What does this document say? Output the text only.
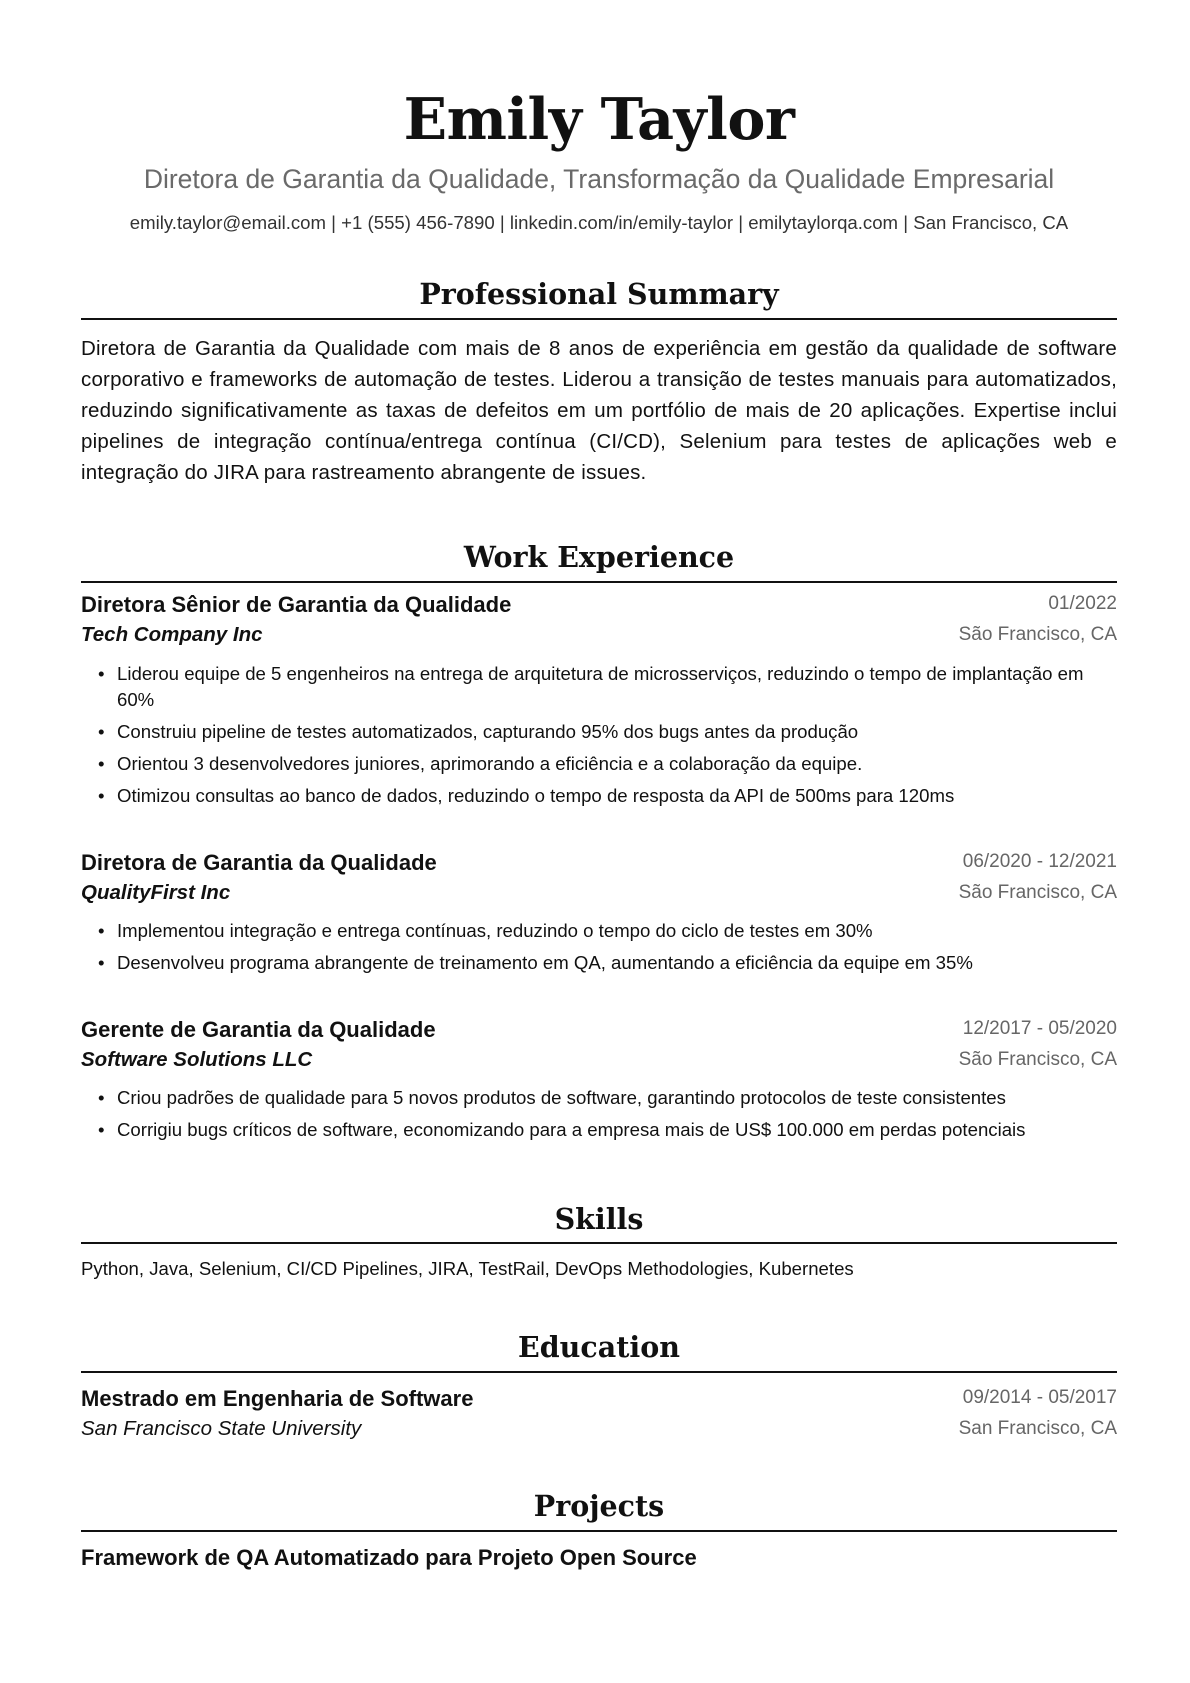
Emily Taylor
Diretora de Garantia da Qualidade, Transformação da Qualidade Empresarial
emily.taylor@email.com | +1 (555) 456-7890 | linkedin.com/in/emily-taylor | emilytaylorqa.com | San Francisco, CA
Professional Summary
Diretora de Garantia da Qualidade com mais de 8 anos de experiência em gestão da qualidade de software corporativo e frameworks de automação de testes. Liderou a transição de testes manuais para automatizados, reduzindo significativamente as taxas de defeitos em um portfólio de mais de 20 aplicações. Expertise inclui pipelines de integração contínua/entrega contínua (CI/CD), Selenium para testes de aplicações web e integração do JIRA para rastreamento abrangente de issues.
Work Experience
Diretora Sênior de Garantia da Qualidade	01/2022
Tech Company Inc	São Francisco, CA
• Liderou equipe de 5 engenheiros na entrega de arquitetura de microsserviços, reduzindo o tempo de implantação em 60%
• Construiu pipeline de testes automatizados, capturando 95% dos bugs antes da produção
• Orientou 3 desenvolvedores juniores, aprimorando a eficiência e a colaboração da equipe.
• Otimizou consultas ao banco de dados, reduzindo o tempo de resposta da API de 500ms para 120ms
Diretora de Garantia da Qualidade	06/2020 - 12/2021
QualityFirst Inc	São Francisco, CA
• Implementou integração e entrega contínuas, reduzindo o tempo do ciclo de testes em 30%
• Desenvolveu programa abrangente de treinamento em QA, aumentando a eficiência da equipe em 35%
Gerente de Garantia da Qualidade	12/2017 - 05/2020
Software Solutions LLC	São Francisco, CA
• Criou padrões de qualidade para 5 novos produtos de software, garantindo protocolos de teste consistentes
• Corrigiu bugs críticos de software, economizando para a empresa mais de US$ 100.000 em perdas potenciais
Skills
Python, Java, Selenium, CI/CD Pipelines, JIRA, TestRail, DevOps Methodologies, Kubernetes
Education
Mestrado em Engenharia de Software	09/2014 - 05/2017
San Francisco State University	San Francisco, CA
Projects
Framework de QA Automatizado para Projeto Open Source
